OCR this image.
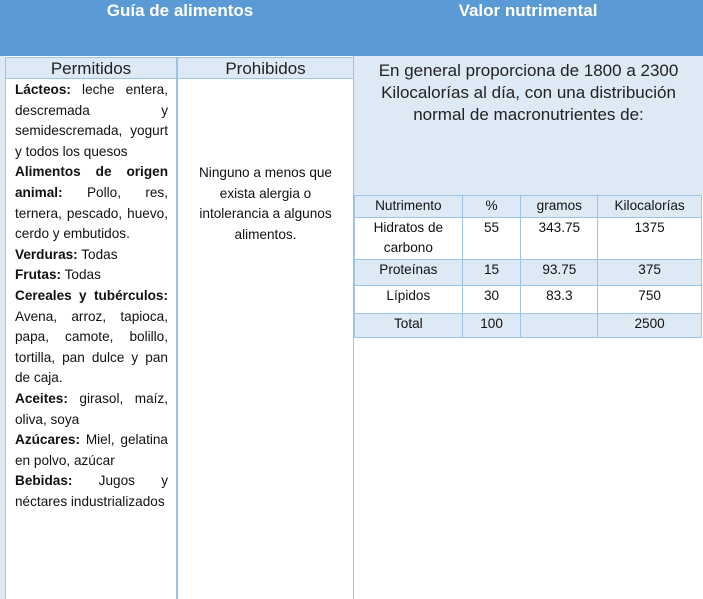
Guía de alimentos	Valor nutrimental
Permitidos	Prohibidos

Lácteos: leche entera, descremada y semidescremada, yogurt y todos los quesos

Alimentos de origen animal: Pollo, res, ternera, pescado, huevo, cerdo y embutidos.

Verduras: Todas

Frutas: Todas

Cereales y tubérculos: Avena, arroz, tapioca, papa, camote, bolillo, tortilla, pan dulce y pan de caja.

Aceites: girasol, maíz, oliva, soya

Azúcares: Miel, gelatina en polvo, azúcar

Bebidas: Jugos y néctares industrializados

Ninguno a menos que exista alergia o intolerancia a algunos alimentos.

En general proporciona de 1800 a 2300 Kilocalorías al día, con una distribución normal de macronutrientes de:
Nutrimento	%	gramos	Kilocalorías
Hidratos de carbono	55	343.75	1375
Proteínas	15	93.75	375
Lípidos	30	83.3	750
Total	100		2500
